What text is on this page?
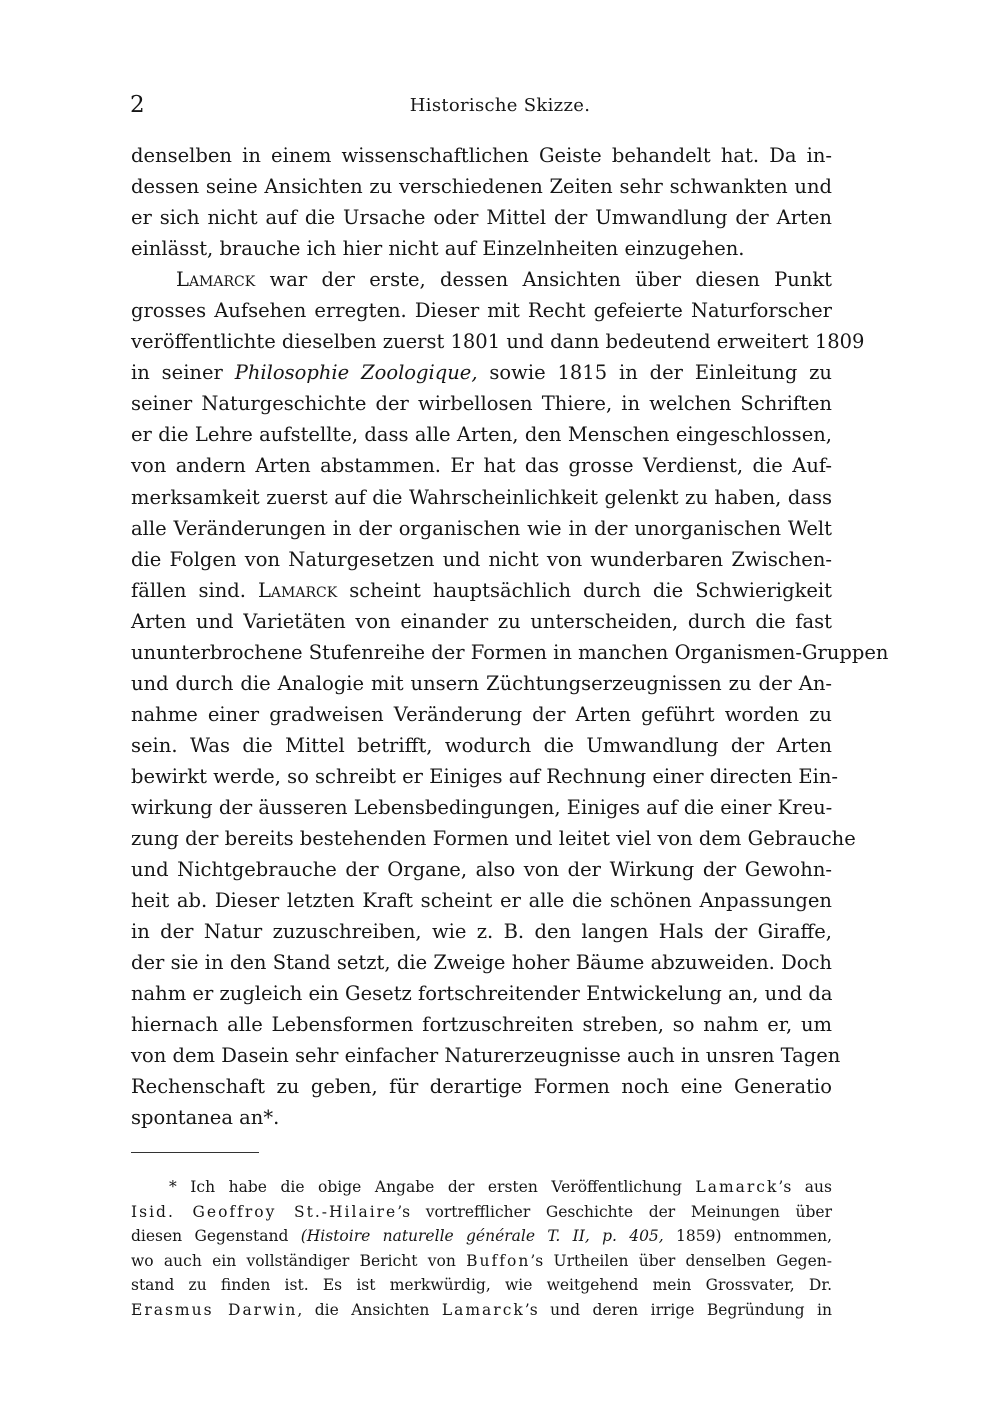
2	Historische Skizze.
denselben in einem wissenschaftlichen Geiste behandelt hat. Da in-
dessen seine Ansichten zu verschiedenen Zeiten sehr schwankten und
er sich nicht auf die Ursache oder Mittel der Umwandlung der Arten
einlässt, brauche ich hier nicht auf Einzelnheiten einzugehen.
Lamarck war der erste, dessen Ansichten über diesen Punkt
grosses Aufsehen erregten. Dieser mit Recht gefeierte Naturforscher
veröffentlichte dieselben zuerst 1801 und dann bedeutend erweitert 1809
in seiner Philosophie Zoologique, sowie 1815 in der Einleitung zu
seiner Naturgeschichte der wirbellosen Thiere, in welchen Schriften
er die Lehre aufstellte, dass alle Arten, den Menschen eingeschlossen,
von andern Arten abstammen. Er hat das grosse Verdienst, die Auf-
merksamkeit zuerst auf die Wahrscheinlichkeit gelenkt zu haben, dass
alle Veränderungen in der organischen wie in der unorganischen Welt
die Folgen von Naturgesetzen und nicht von wunderbaren Zwischen-
fällen sind. Lamarck scheint hauptsächlich durch die Schwierigkeit
Arten und Varietäten von einander zu unterscheiden, durch die fast
ununterbrochene Stufenreihe der Formen in manchen Organismen-Gruppen
und durch die Analogie mit unsern Züchtungserzeugnissen zu der An-
nahme einer gradweisen Veränderung der Arten geführt worden zu
sein. Was die Mittel betrifft, wodurch die Umwandlung der Arten
bewirkt werde, so schreibt er Einiges auf Rechnung einer directen Ein-
wirkung der äusseren Lebensbedingungen, Einiges auf die einer Kreu-
zung der bereits bestehenden Formen und leitet viel von dem Gebrauche
und Nichtgebrauche der Organe, also von der Wirkung der Gewohn-
heit ab. Dieser letzten Kraft scheint er alle die schönen Anpassungen
in der Natur zuzuschreiben, wie z. B. den langen Hals der Giraffe,
der sie in den Stand setzt, die Zweige hoher Bäume abzuweiden. Doch
nahm er zugleich ein Gesetz fortschreitender Entwickelung an, und da
hiernach alle Lebensformen fortzuschreiten streben, so nahm er, um
von dem Dasein sehr einfacher Naturerzeugnisse auch in unsren Tagen
Rechenschaft zu geben, für derartige Formen noch eine Generatio
spontanea an*.
* Ich habe die obige Angabe der ersten Veröffentlichung Lamarck’s aus
Isid. Geoffroy St.-Hilaire’s vortrefflicher Geschichte der Meinungen über
diesen Gegenstand (Histoire naturelle générale T. II, p. 405, 1859) entnommen,
wo auch ein vollständiger Bericht von Buffon’s Urtheilen über denselben Gegen-
stand zu finden ist. Es ist merkwürdig, wie weitgehend mein Grossvater, Dr.
Erasmus Darwin, die Ansichten Lamarck’s und deren irrige Begründung in
